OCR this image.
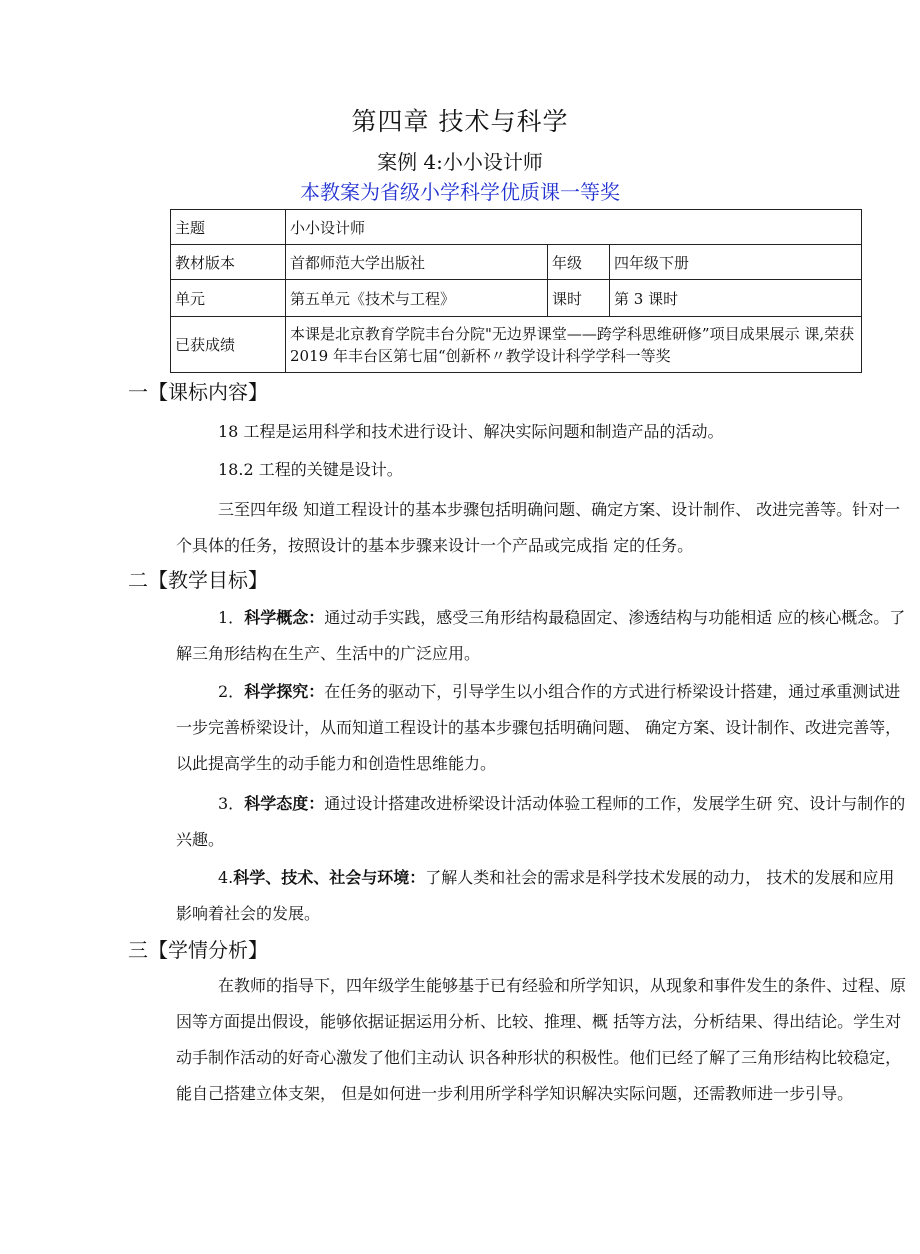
第四章 技术与科学
案例 4:小小设计师
本教案为省级小学科学优质课一等奖
主题	小小设计师		
教材版本	首都师范大学出版社	年级	四年级下册
单元	第五单元《技术与工程》	课时	第 3 课时
已获成绩	本课是北京教育学院丰台分院"无边界课堂——跨学科思维研修”项目成果展示 课,荣获 2019 年丰台区第七届“创新杯〃教学设计科学学科一等奖		
一【课标内容】
18 工程是运用科学和技术进行设计、解决实际问题和制造产品的活动。
18.2 工程的关键是设计。
三至四年级 知道工程设计的基本步骤包括明确问题、确定方案、设计制作、 改进完善等。针对一个具体的任务，按照设计的基本步骤来设计一个产品或完成指 定的任务。
二【教学目标】
1．科学概念：通过动手实践，感受三角形结构最稳固定、渗透结构与功能相适 应的核心概念。了解三角形结构在生产、生活中的广泛应用。
2．科学探究：在任务的驱动下，引导学生以小组合作的方式进行桥梁设计搭建，通过承重测试进一步完善桥梁设计，从而知道工程设计的基本步骤包括明确问题、 确定方案、设计制作、改进完善等，以此提高学生的动手能力和创造性思维能力。
3．科学态度：通过设计搭建改进桥梁设计活动体验工程师的工作，发展学生研 究、设计与制作的兴趣。
4.科学、技术、社会与环境：了解人类和社会的需求是科学技术发展的动力， 技术的发展和应用影响着社会的发展。
三【学情分析】
在教师的指导下，四年级学生能够基于已有经验和所学知识，从现象和事件发生的条件、过程、原因等方面提出假设，能够依据证据运用分析、比较、推理、概 括等方法，分析结果、得出结论。学生对动手制作活动的好奇心激发了他们主动认 识各种形状的积极性。他们已经了解了三角形结构比较稳定，能自己搭建立体支架， 但是如何进一步利用所学科学知识解决实际问题，还需教师进一步引导。
